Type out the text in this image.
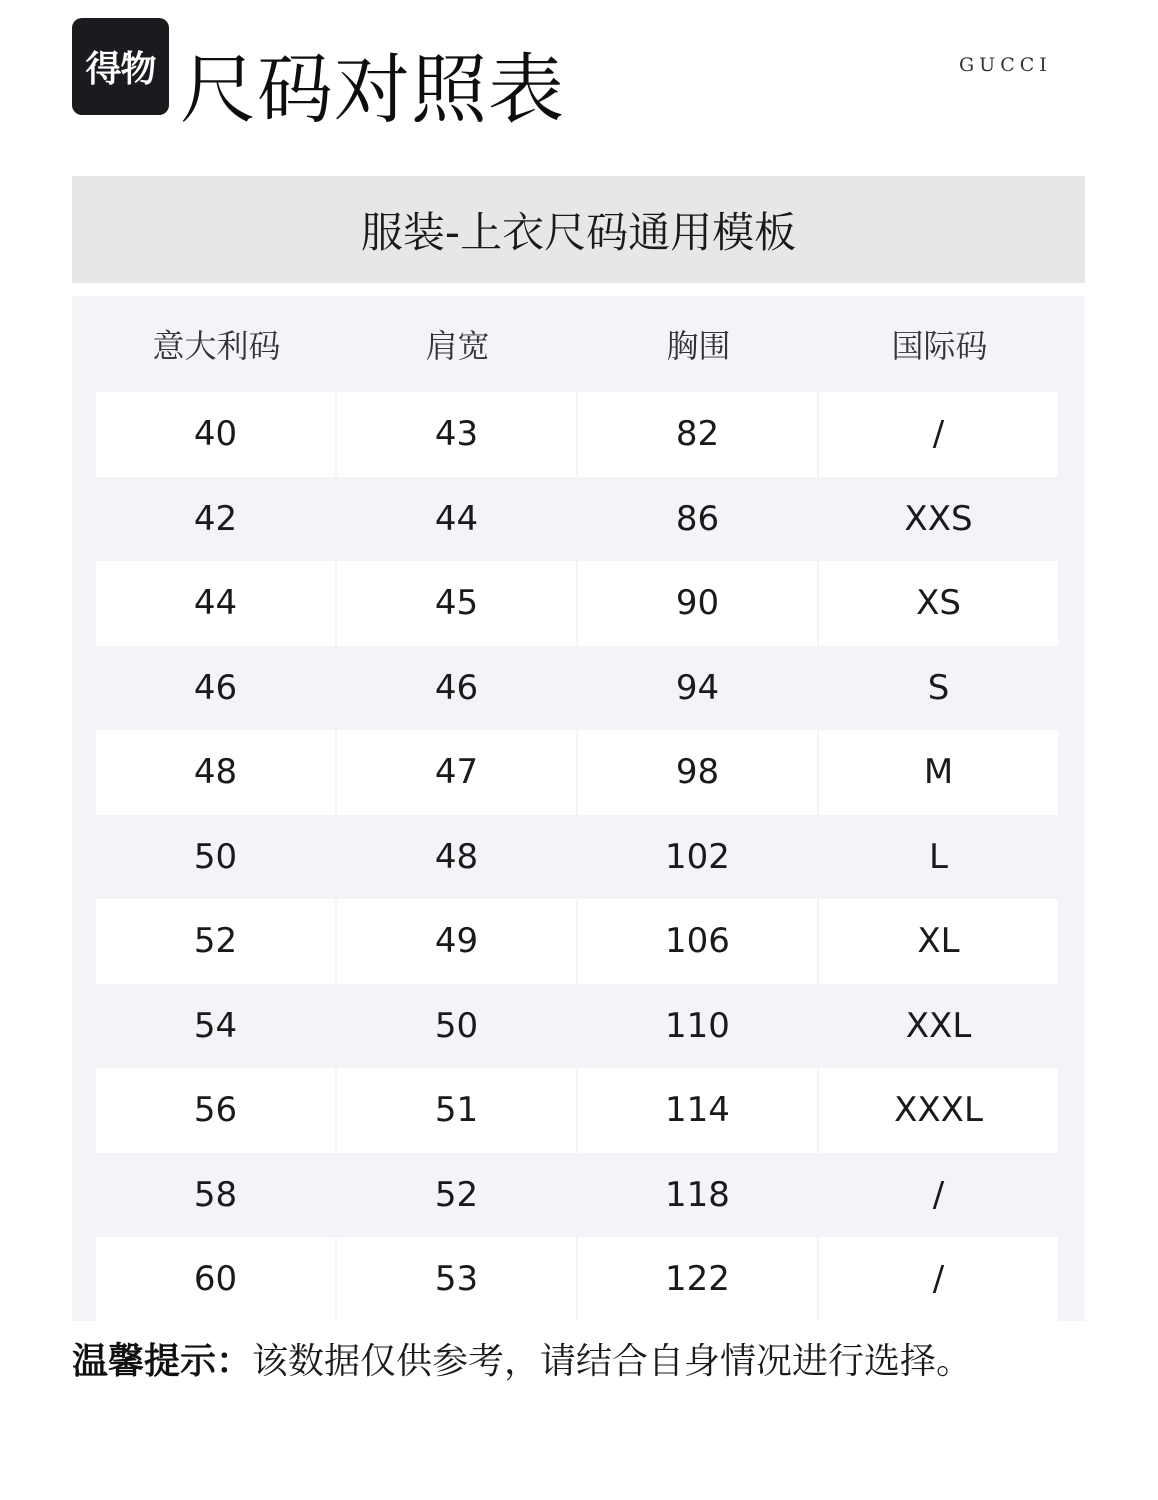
得物 尺码对照表	GUCCI
服装-上衣尺码通用模板
意大利码	肩宽	胸围	国际码
40	43	82	/
42	44	86	XXS
44	45	90	XS
46	46	94	S
48	47	98	M
50	48	102	L
52	49	106	XL
54	50	110	XXL
56	51	114	XXXL
58	52	118	/
60	53	122	/
温馨提示：该数据仅供参考，请结合自身情况进行选择。
